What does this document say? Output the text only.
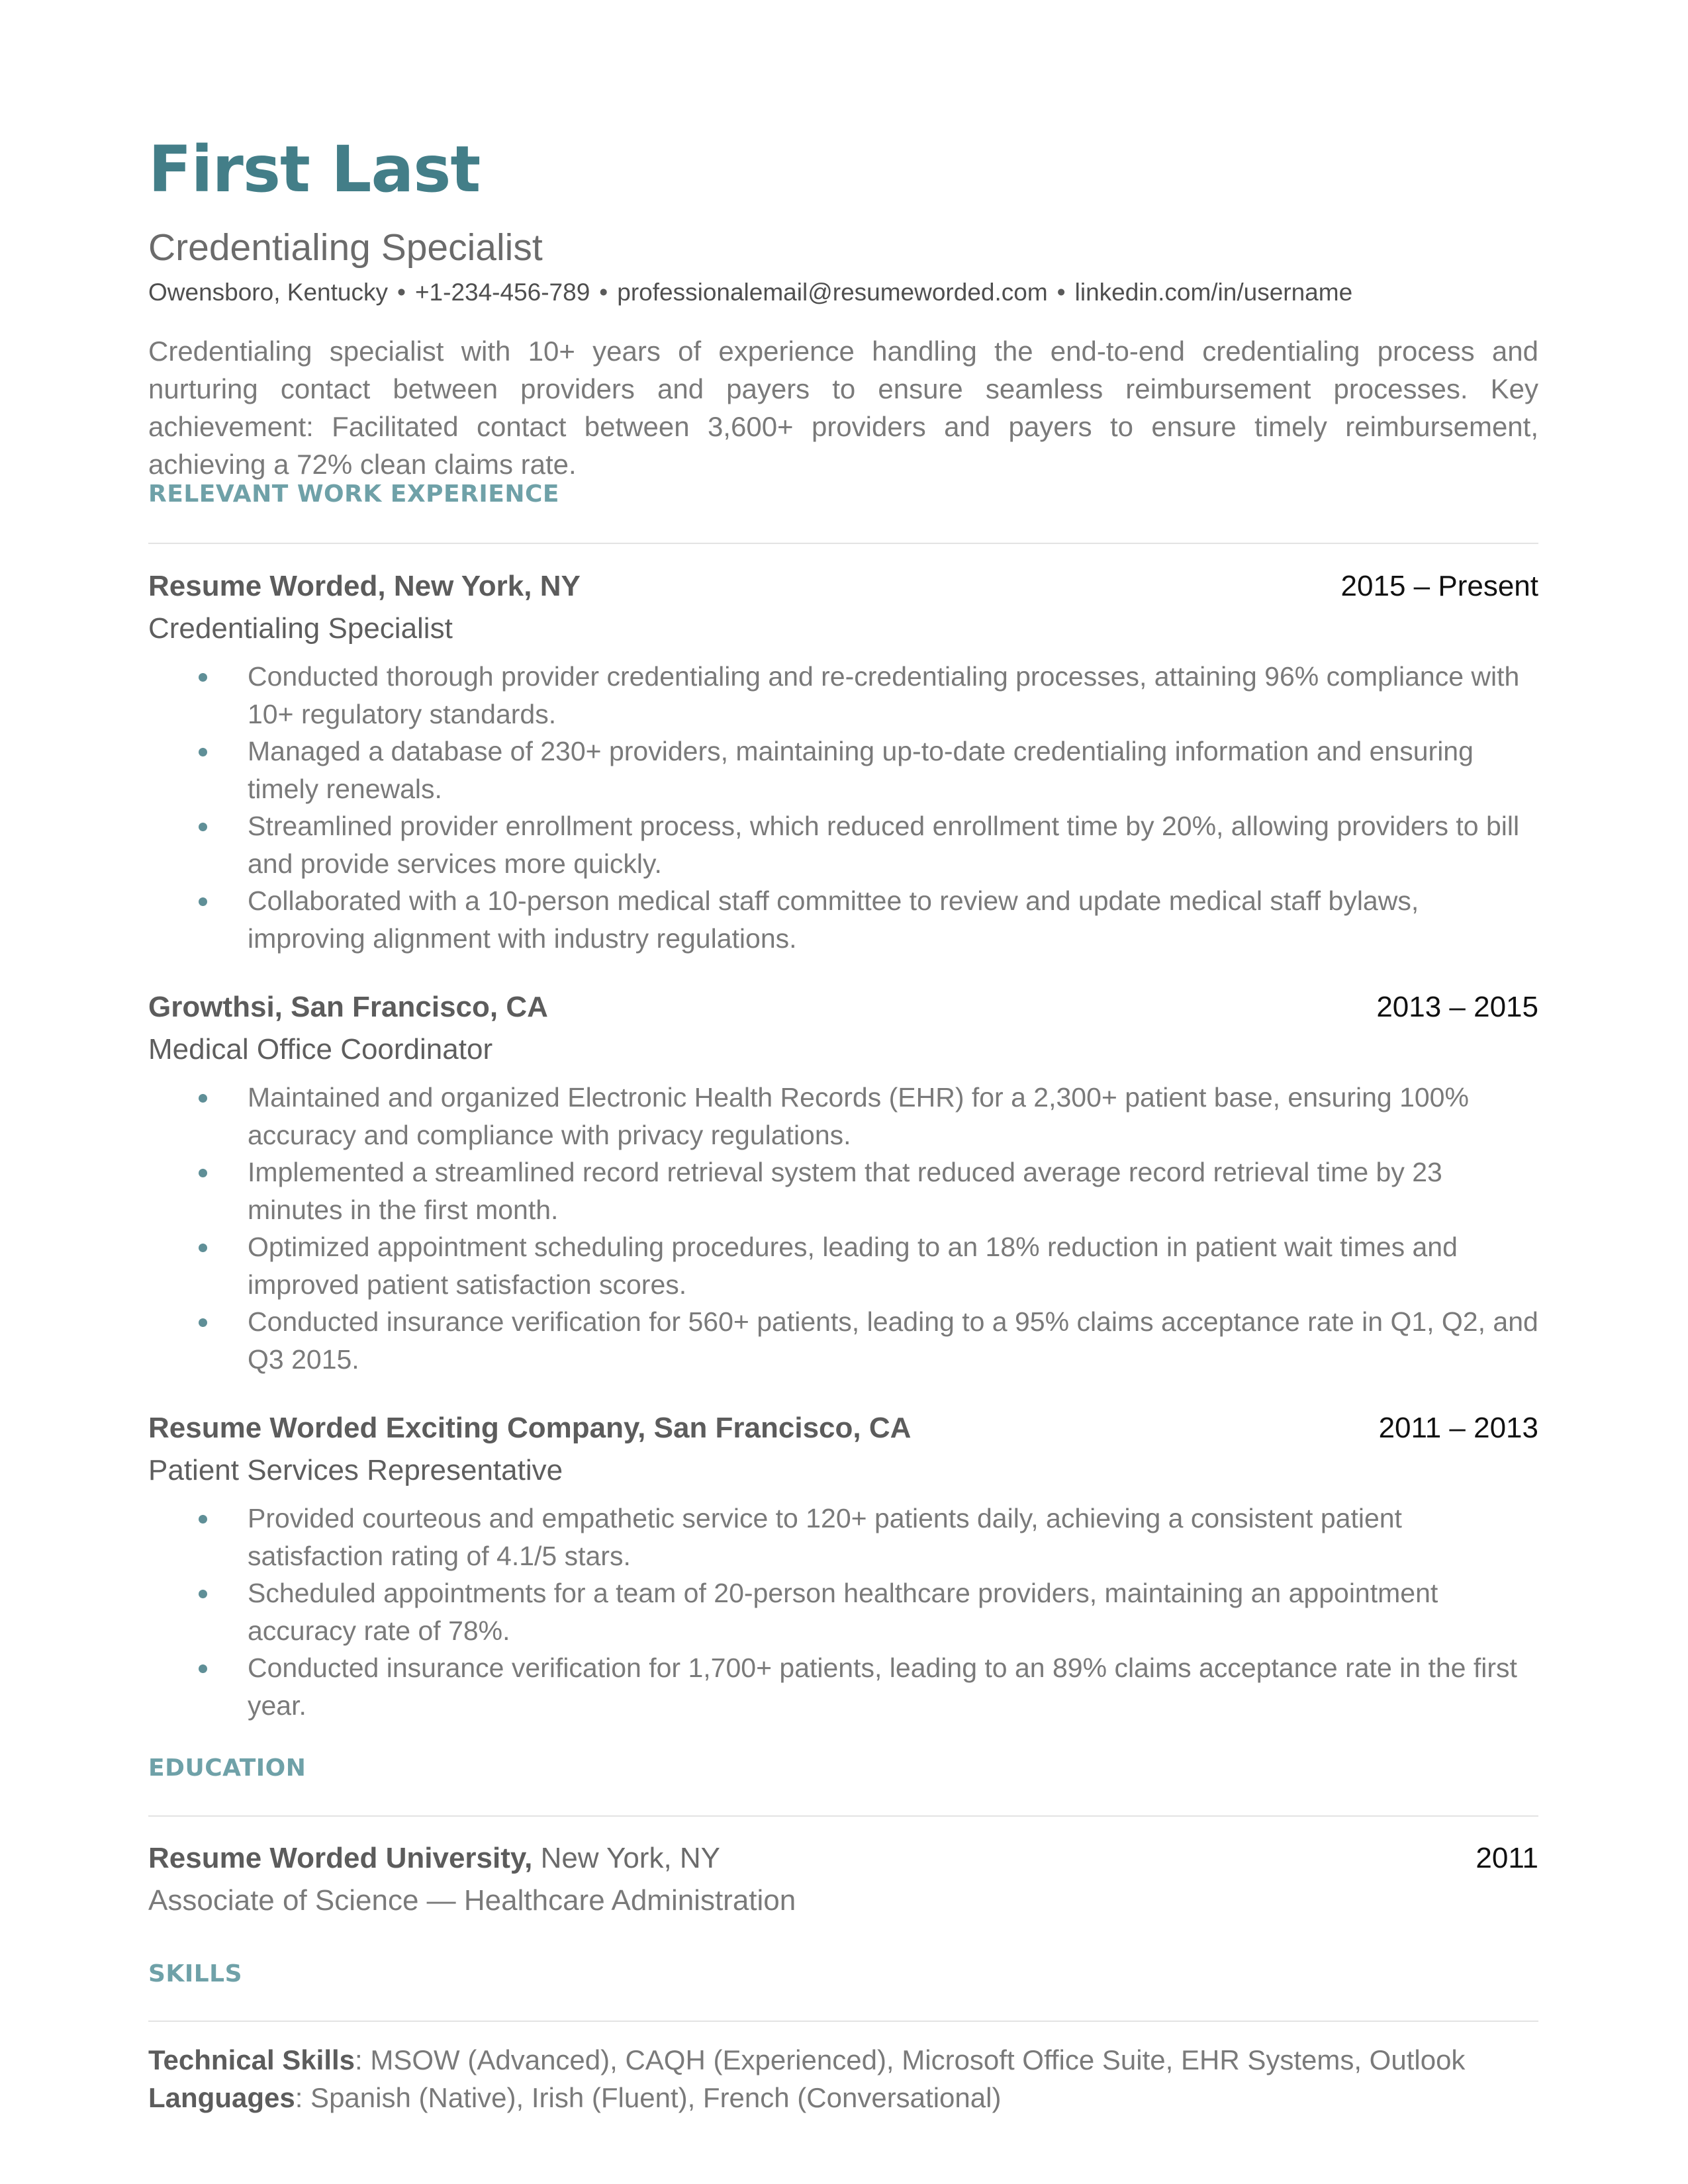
First Last
Credentialing Specialist
Owensboro, Kentucky • +1-234-456-789 • professionalemail@resumeworded.com • linkedin.com/in/username

Credentialing specialist with 10+ years of experience handling the end-to-end credentialing process and nurturing contact between providers and payers to ensure seamless reimbursement processes. Key achievement: Facilitated contact between 3,600+ providers and payers to ensure timely reimbursement, achieving a 72% clean claims rate.

RELEVANT WORK EXPERIENCE
Resume Worded, New York, NY	2015 – Present
Credentialing Specialist
Conducted thorough provider credentialing and re-credentialing processes, attaining 96% compliance with 10+ regulatory standards.
Managed a database of 230+ providers, maintaining up-to-date credentialing information and ensuring timely renewals.
Streamlined provider enrollment process, which reduced enrollment time by 20%, allowing providers to bill and provide services more quickly.
Collaborated with a 10-person medical staff committee to review and update medical staff bylaws, improving alignment with industry regulations.
Growthsi, San Francisco, CA	2013 – 2015
Medical Office Coordinator
Maintained and organized Electronic Health Records (EHR) for a 2,300+ patient base, ensuring 100% accuracy and compliance with privacy regulations.
Implemented a streamlined record retrieval system that reduced average record retrieval time by 23 minutes in the first month.
Optimized appointment scheduling procedures, leading to an 18% reduction in patient wait times and improved patient satisfaction scores.
Conducted insurance verification for 560+ patients, leading to a 95% claims acceptance rate in Q1, Q2, and Q3 2015.
Resume Worded Exciting Company, San Francisco, CA	2011 – 2013
Patient Services Representative
Provided courteous and empathetic service to 120+ patients daily, achieving a consistent patient satisfaction rating of 4.1/5 stars.
Scheduled appointments for a team of 20-person healthcare providers, maintaining an appointment accuracy rate of 78%.
Conducted insurance verification for 1,700+ patients, leading to an 89% claims acceptance rate in the first year.
EDUCATION
Resume Worded University, New York, NY	2011
Associate of Science — Healthcare Administration
SKILLS
Technical Skills: MSOW (Advanced), CAQH (Experienced), Microsoft Office Suite, EHR Systems, Outlook
Languages: Spanish (Native), Irish (Fluent), French (Conversational)
